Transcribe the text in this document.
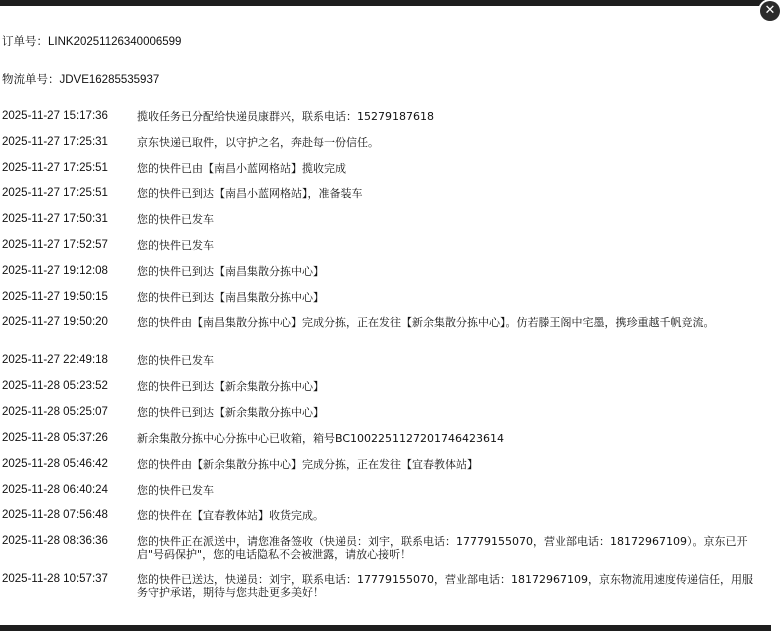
✕
订单号：LINK20251126340006599
物流单号：JDVE16285535937
2025-11-27 15:17:36	揽收任务已分配给快递员康群兴，联系电话：15279187618
2025-11-27 17:25:31	京东快递已取件，以守护之名，奔赴每一份信任。
2025-11-27 17:25:51	您的快件已由【南昌小蓝网格站】揽收完成
2025-11-27 17:25:51	您的快件已到达【南昌小蓝网格站】，准备装车
2025-11-27 17:50:31	您的快件已发车
2025-11-27 17:52:57	您的快件已发车
2025-11-27 19:12:08	您的快件已到达【南昌集散分拣中心】
2025-11-27 19:50:15	您的快件已到达【南昌集散分拣中心】
2025-11-27 19:50:20	您的快件由【南昌集散分拣中心】完成分拣，正在发往【新余集散分拣中心】。仿若滕王阁中宅墨，携珍重越千帆竞流。
2025-11-27 22:49:18	您的快件已发车
2025-11-28 05:23:52	您的快件已到达【新余集散分拣中心】
2025-11-28 05:25:07	您的快件已到达【新余集散分拣中心】
2025-11-28 05:37:26	新余集散分拣中心分拣中心已收箱，箱号BC1002251127201746423614
2025-11-28 05:46:42	您的快件由【新余集散分拣中心】完成分拣，正在发往【宜春教体站】
2025-11-28 06:40:24	您的快件已发车
2025-11-28 07:56:48	您的快件在【宜春教体站】收货完成。
2025-11-28 08:36:36	您的快件正在派送中，请您准备签收（快递员：刘宇，联系电话：17779155070，营业部电话：18172967109）。京东已开启"号码保护"，您的电话隐私不会被泄露，请放心接听！
2025-11-28 10:57:37	您的快件已送达，快递员：刘宇，联系电话：17779155070，营业部电话：18172967109，京东物流用速度传递信任，用服务守护承诺，期待与您共赴更多美好！
